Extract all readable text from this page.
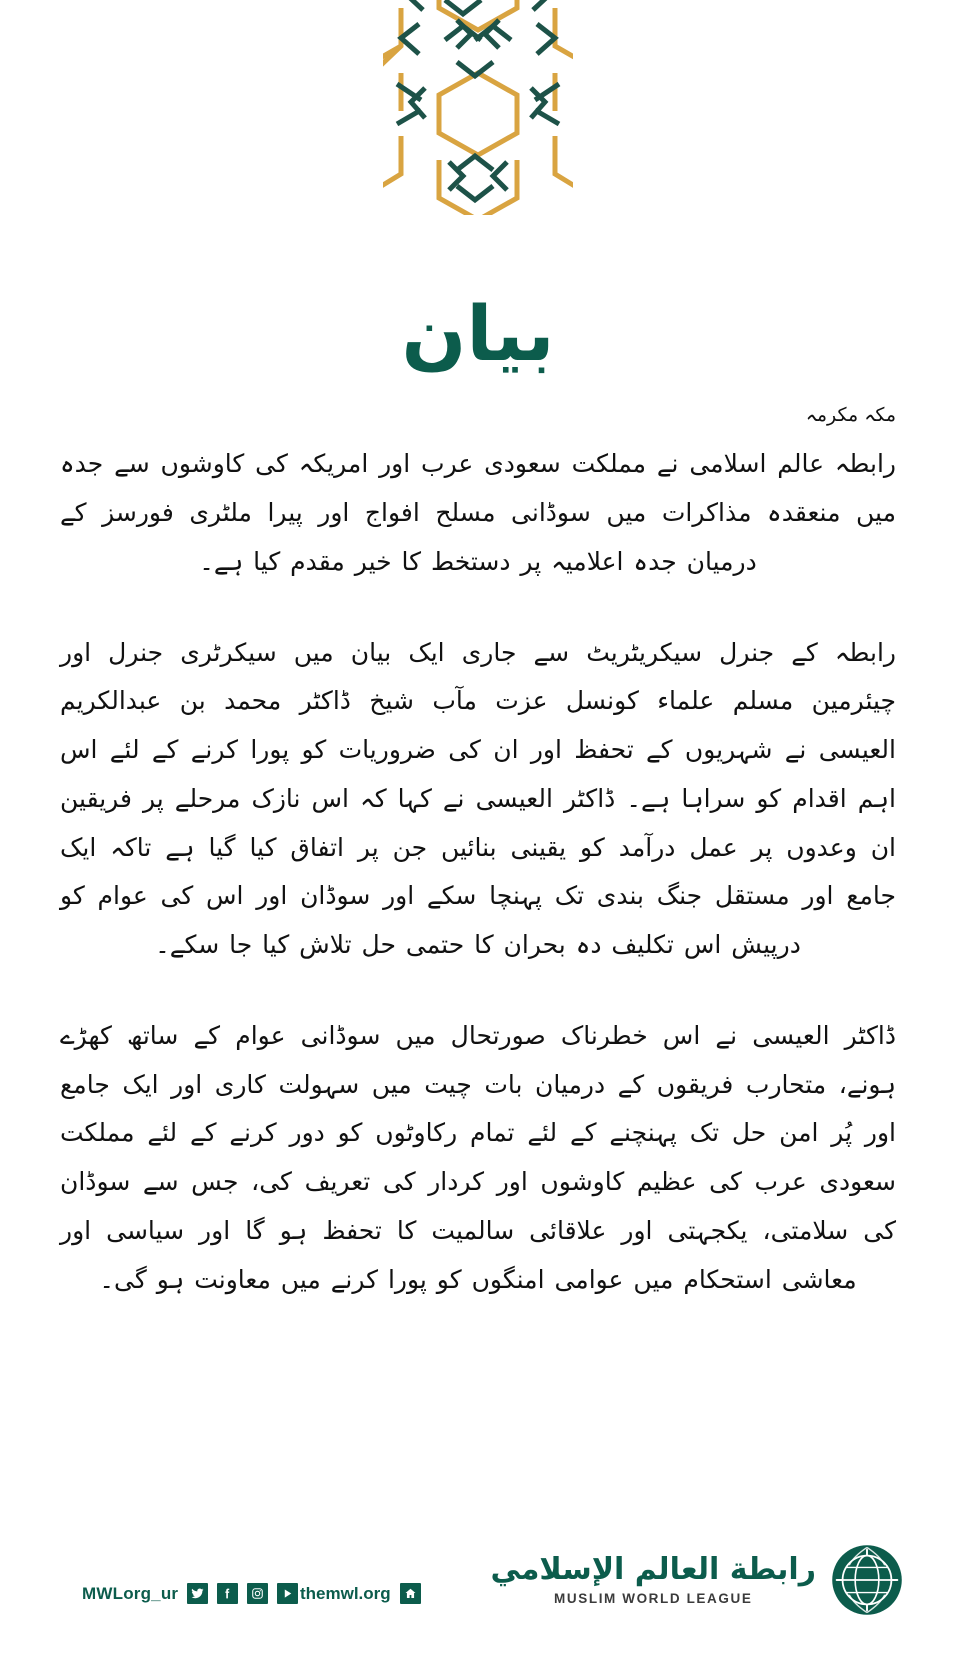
بیان
مکہ مکرمہ

رابطہ عالم اسلامی نے مملکت سعودی عرب اور امریکہ کی کاوشوں سے جدہ میں منعقدہ مذاکرات میں سوڈانی مسلح افواج اور پیرا ملٹری فورسز کے درمیان جدہ اعلامیہ پر دستخط کا خیر مقدم کیا ہے۔

رابطہ کے جنرل سیکریٹریٹ سے جاری ایک بیان میں سیکرٹری جنرل اور چیئرمین مسلم علماء کونسل عزت مآب شیخ ڈاکٹر محمد بن عبدالکریم العیسی نے شہریوں کے تحفظ اور ان کی ضروریات کو پورا کرنے کے لئے اس اہم اقدام کو سراہا ہے۔ ڈاکٹر العیسی نے کہا کہ اس نازک مرحلے پر فریقین ان وعدوں پر عمل درآمد کو یقینی بنائیں جن پر اتفاق کیا گیا ہے تاکہ ایک جامع اور مستقل جنگ بندی تک پہنچا سکے اور سوڈان اور اس کی عوام کو درپیش اس تکلیف دہ بحران کا حتمی حل تلاش کیا جا سکے۔

ڈاکٹر العیسی نے اس خطرناک صورتحال میں سوڈانی عوام کے ساتھ کھڑے ہونے، متحارب فریقوں کے درمیان بات چیت میں سہولت کاری اور ایک جامع اور پُر امن حل تک پہنچنے کے لئے تمام رکاوٹوں کو دور کرنے کے لئے مملکت سعودی عرب کی عظیم کاوشوں اور کردار کی تعریف کی، جس سے سوڈان کی سلامتی، یکجہتی اور علاقائی سالمیت کا تحفظ ہو گا اور سیاسی اور معاشی استحکام میں عوامی امنگوں کو پورا کرنے میں معاونت ہو گی۔

MWLorg_ur	themwl.org
رابطة العالم الإسلامي
MUSLIM WORLD LEAGUE
